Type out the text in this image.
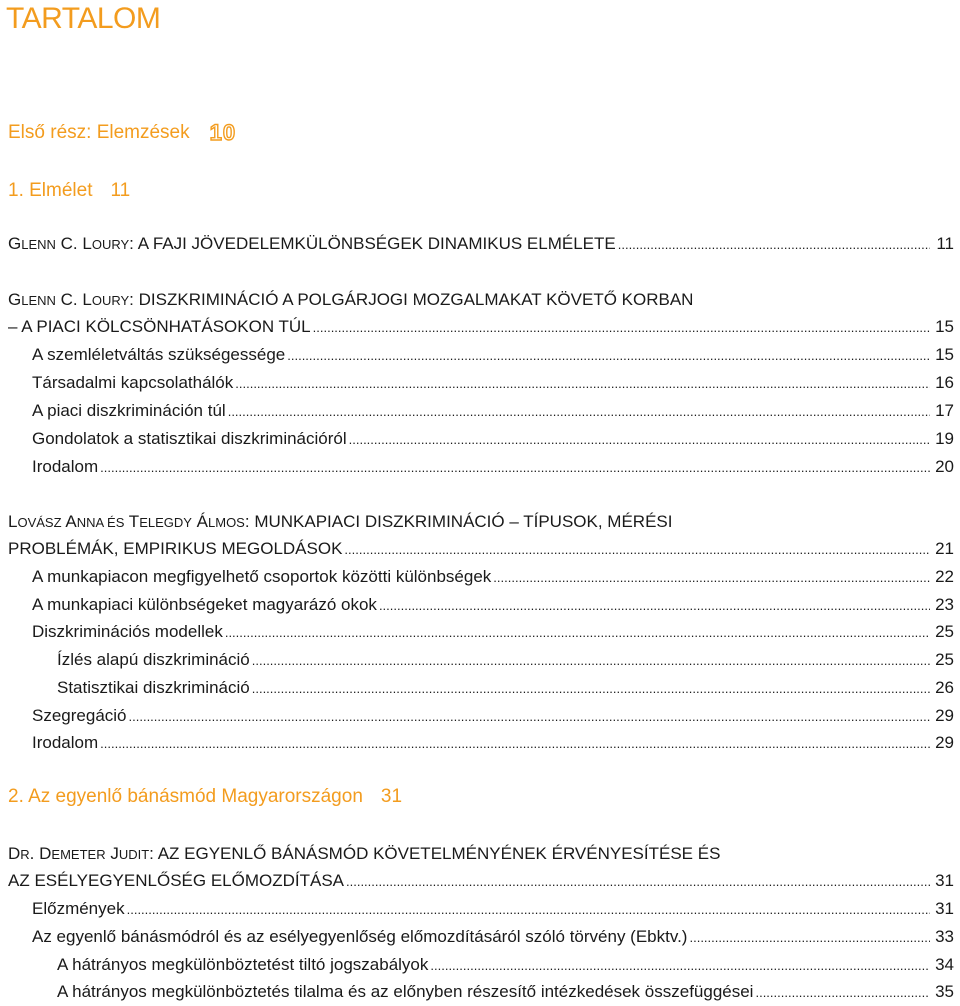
TARTALOM
Első rész: Elemzések 10
1. Elmélet 11
GLENN C. LOURY: A FAJI JÖVEDELEMKÜLÖNBSÉGEK DINAMIKUS ELMÉLETE .....	11
GLENN C. LOURY: DISZKRIMINÁCIÓ A POLGÁRJOGI MOZGALMAKAT KÖVETŐ KORBAN
– A PIACI KÖLCSÖNHATÁSOKON TÚL .....	15
A szemléletváltás szükségessége .....	15
Társadalmi kapcsolathálók .....	16
A piaci diszkrimináción túl .....	17
Gondolatok a statisztikai diszkriminációról .....	19
Irodalom .....	20
LOVÁSZ ANNA ÉS TELEGDY ÁLMOS: MUNKAPIACI DISZKRIMINÁCIÓ – TÍPUSOK, MÉRÉSI
PROBLÉMÁK, EMPIRIKUS MEGOLDÁSOK .....	21
A munkapiacon megfigyelhető csoportok közötti különbségek .....	22
A munkapiaci különbségeket magyarázó okok .....	23
Diszkriminációs modellek .....	25
Ízlés alapú diszkrimináció .....	25
Statisztikai diszkrimináció .....	26
Szegregáció .....	29
Irodalom .....	29
2. Az egyenlő bánásmód Magyarországon 31
DR. DEMETER JUDIT: AZ EGYENLŐ BÁNÁSMÓD KÖVETELMÉNYÉNEK ÉRVÉNYESÍTÉSE ÉS
AZ ESÉLYEGYENLŐSÉG ELŐMOZDÍTÁSA .....	31
Előzmények .....	31
Az egyenlő bánásmódról és az esélyegyenlőség előmozdításáról szóló törvény (Ebktv.) .....	33
A hátrányos megkülönböztetést tiltó jogszabályok .....	34
A hátrányos megkülönböztetés tilalma és az előnyben részesítő intézkedések összefüggései .....	35
